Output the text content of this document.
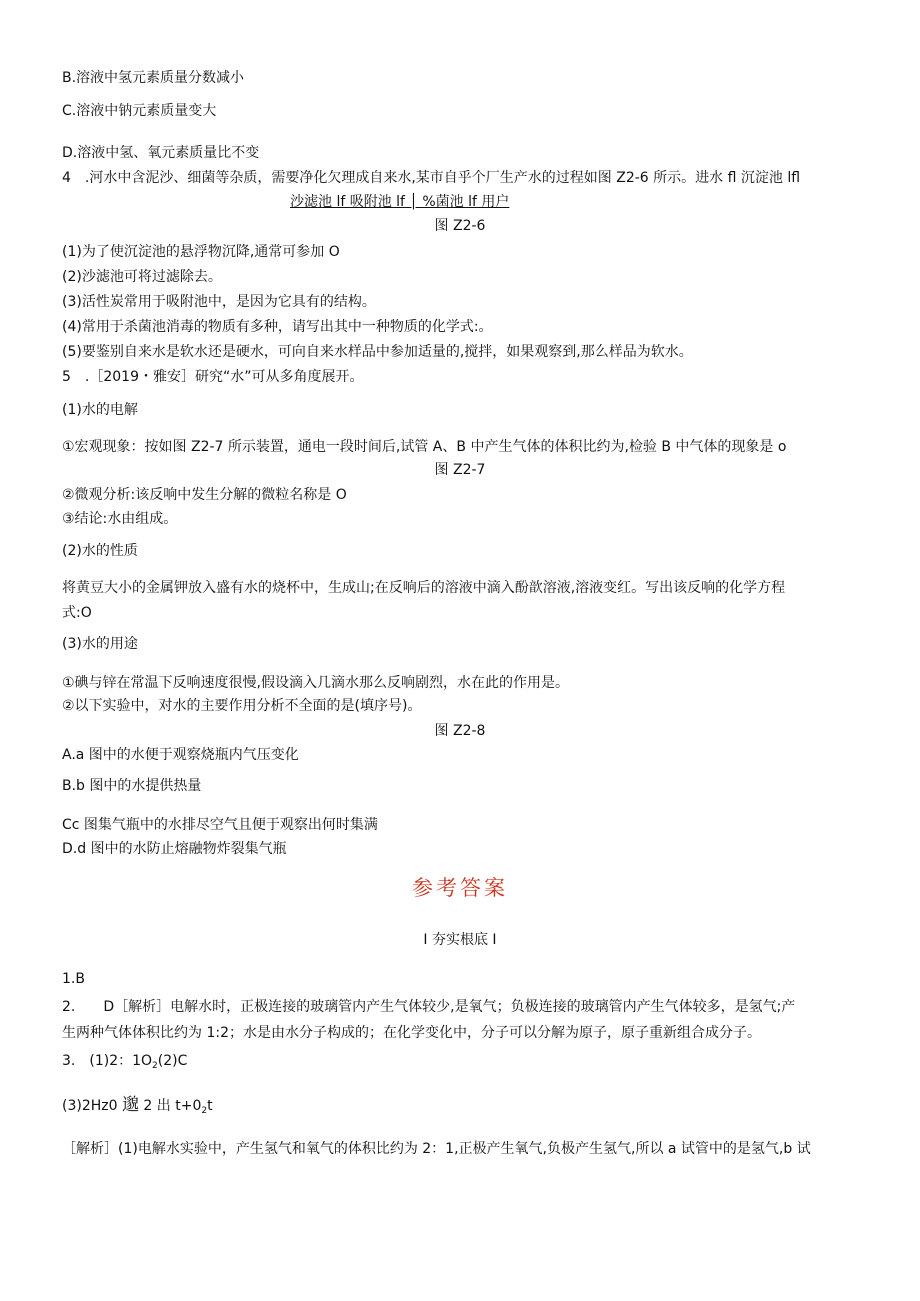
B.溶液中氢元素质量分数减小
C.溶液中钠元素质量变大
D.溶液中氢、氧元素质量比不变
4　.河水中含泥沙、细菌等杂质，需要净化欠理成自来水,某市自乎个厂生产水的过程如图 Z2-6 所示。进水 fl 沉淀池 lfl
沙滤池 lf 吸附池 lf │ %菌池 lf 用户
图 Z2-6
(1)为了使沉淀池的悬浮物沉降,通常可参加 O
(2)沙滤池可将过滤除去。
(3)活性炭常用于吸附池中，是因为它具有的结构。
(4)常用于杀菌池消毒的物质有多种，请写出其中一种物质的化学式:。
(5)要鉴别自来水是软水还是硬水，可向自来水样品中参加适量的,搅拌，如果观察到,那么样品为软水。
5　.［2019・雅安］研究“水”可从多角度展开。
(1)水的电解
①宏观现象：按如图 Z2-7 所示装置，通电一段时间后,试管 A、B 中产生气体的体积比约为,检验 B 中气体的现象是 o
图 Z2-7
②微观分析:该反响中发生分解的微粒名称是 O
③结论:水由组成。
(2)水的性质
将黄豆大小的金属钾放入盛有水的烧杯中，生成山;在反响后的溶液中滴入酚歆溶液,溶液变红。写出该反响的化学方程
式:O
(3)水的用途
①碘与锌在常温下反响速度很慢,假设滴入几滴水那么反响剧烈，水在此的作用是。
②以下实验中，对水的主要作用分析不全面的是(填序号)。
图 Z2-8
A.a 图中的水便于观察烧瓶内气压变化
B.b 图中的水提供热量
Cc 图集气瓶中的水排尽空气且便于观察出何时集满
D.d 图中的水防止熔融物炸裂集气瓶
参考答案
I 夯实根底 I
1.B
2.　　D［解析］电解水时，正极连接的玻璃管内产生气体较少,是氧气；负极连接的玻璃管内产生气体较多，是氢气;产
生两种气体体积比约为 1:2；水是由水分子构成的；在化学变化中，分子可以分解为原子，原子重新组合成分子。
3.　(1)2：$1O_2(2)C$
(3)2Hz0 邈 2 出 $t+0_2t$
［解析］(1)电解水实验中，产生氢气和氧气的体积比约为 2：1,正极产生氧气,负极产生氢气,所以 a 试管中的是氢气,b 试
